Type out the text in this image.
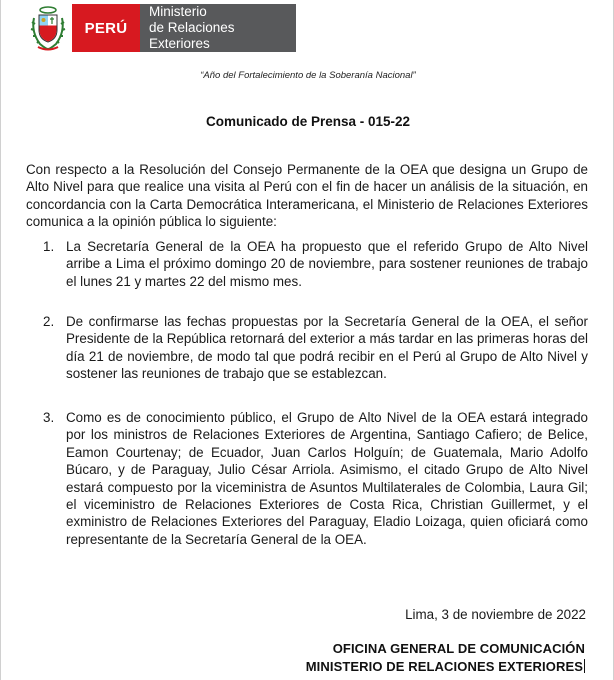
PERÚ
Ministerio
de Relaciones Exteriores
“Año del Fortalecimiento de la Soberanía Nacional”
Comunicado de Prensa - 015-22
Con respecto a la Resolución del Consejo Permanente de la OEA que designa un Grupo de Alto Nivel para que realice una visita al Perú con el fin de hacer un análisis de la situación, en concordancia con la Carta Democrática Interamericana, el Ministerio de Relaciones Exteriores comunica a la opinión pública lo siguiente:
1. La Secretaría General de la OEA ha propuesto que el referido Grupo de Alto Nivel arribe a Lima el próximo domingo 20 de noviembre, para sostener reuniones de trabajo el lunes 21 y martes 22 del mismo mes.
2. De confirmarse las fechas propuestas por la Secretaría General de la OEA, el señor Presidente de la República retornará del exterior a más tardar en las primeras horas del día 21 de noviembre, de modo tal que podrá recibir en el Perú al Grupo de Alto Nivel y sostener las reuniones de trabajo que se establezcan.
3. Como es de conocimiento público, el Grupo de Alto Nivel de la OEA estará integrado por los ministros de Relaciones Exteriores de Argentina, Santiago Cafiero; de Belice, Eamon Courtenay; de Ecuador, Juan Carlos Holguín; de Guatemala, Mario Adolfo Búcaro, y de Paraguay, Julio César Arriola. Asimismo, el citado Grupo de Alto Nivel estará compuesto por la viceministra de Asuntos Multilaterales de Colombia, Laura Gil; el viceministro de Relaciones Exteriores de Costa Rica, Christian Guillermet, y el exministro de Relaciones Exteriores del Paraguay, Eladio Loizaga, quien oficiará como representante de la Secretaría General de la OEA.
Lima, 3 de noviembre de 2022
OFICINA GENERAL DE COMUNICACIÓN
MINISTERIO DE RELACIONES EXTERIORES
